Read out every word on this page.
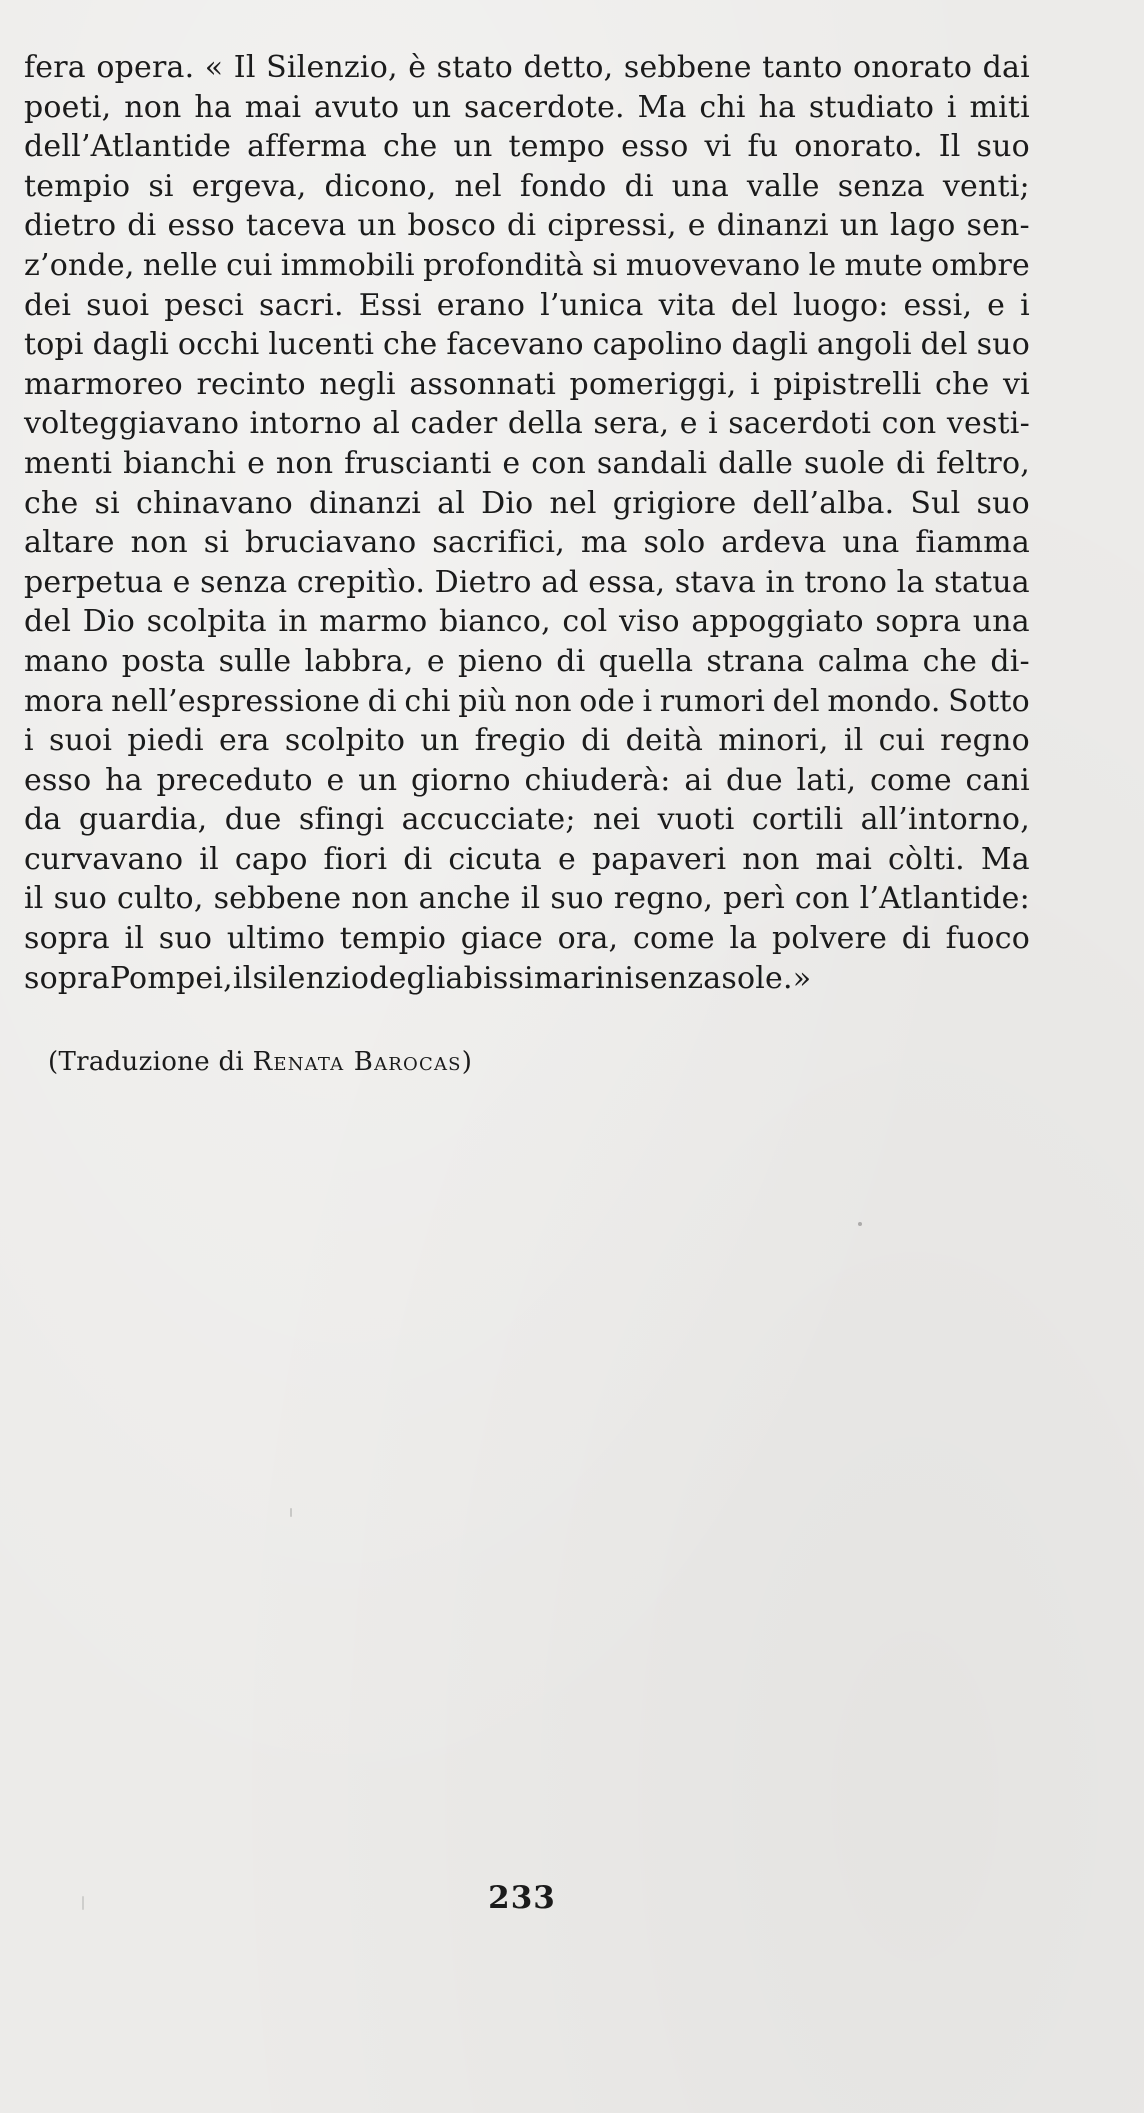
fera opera. « Il Silenzio, è stato detto, sebbene tanto onorato dai
poeti, non ha mai avuto un sacerdote. Ma chi ha studiato i miti
dell’Atlantide afferma che un tempo esso vi fu onorato. Il suo
tempio si ergeva, dicono, nel fondo di una valle senza venti;
dietro di esso taceva un bosco di cipressi, e dinanzi un lago sen-
z’onde, nelle cui immobili profondità si muovevano le mute ombre
dei suoi pesci sacri. Essi erano l’unica vita del luogo: essi, e i
topi dagli occhi lucenti che facevano capolino dagli angoli del suo
marmoreo recinto negli assonnati pomeriggi, i pipistrelli che vi
volteggiavano intorno al cader della sera, e i sacerdoti con vesti-
menti bianchi e non fruscianti e con sandali dalle suole di feltro,
che si chinavano dinanzi al Dio nel grigiore dell’alba. Sul suo
altare non si bruciavano sacrifici, ma solo ardeva una fiamma
perpetua e senza crepitìo. Dietro ad essa, stava in trono la statua
del Dio scolpita in marmo bianco, col viso appoggiato sopra una
mano posta sulle labbra, e pieno di quella strana calma che di-
mora nell’espressione di chi più non ode i rumori del mondo. Sotto
i suoi piedi era scolpito un fregio di deità minori, il cui regno
esso ha preceduto e un giorno chiuderà: ai due lati, come cani
da guardia, due sfingi accucciate; nei vuoti cortili all’intorno,
curvavano il capo fiori di cicuta e papaveri non mai còlti. Ma
il suo culto, sebbene non anche il suo regno, perì con l’Atlantide:
sopra il suo ultimo tempio giace ora, come la polvere di fuoco
sopra Pompei, il silenzio degli abissi marini senza sole. »

(Traduzione di Renata Barocas)

233
